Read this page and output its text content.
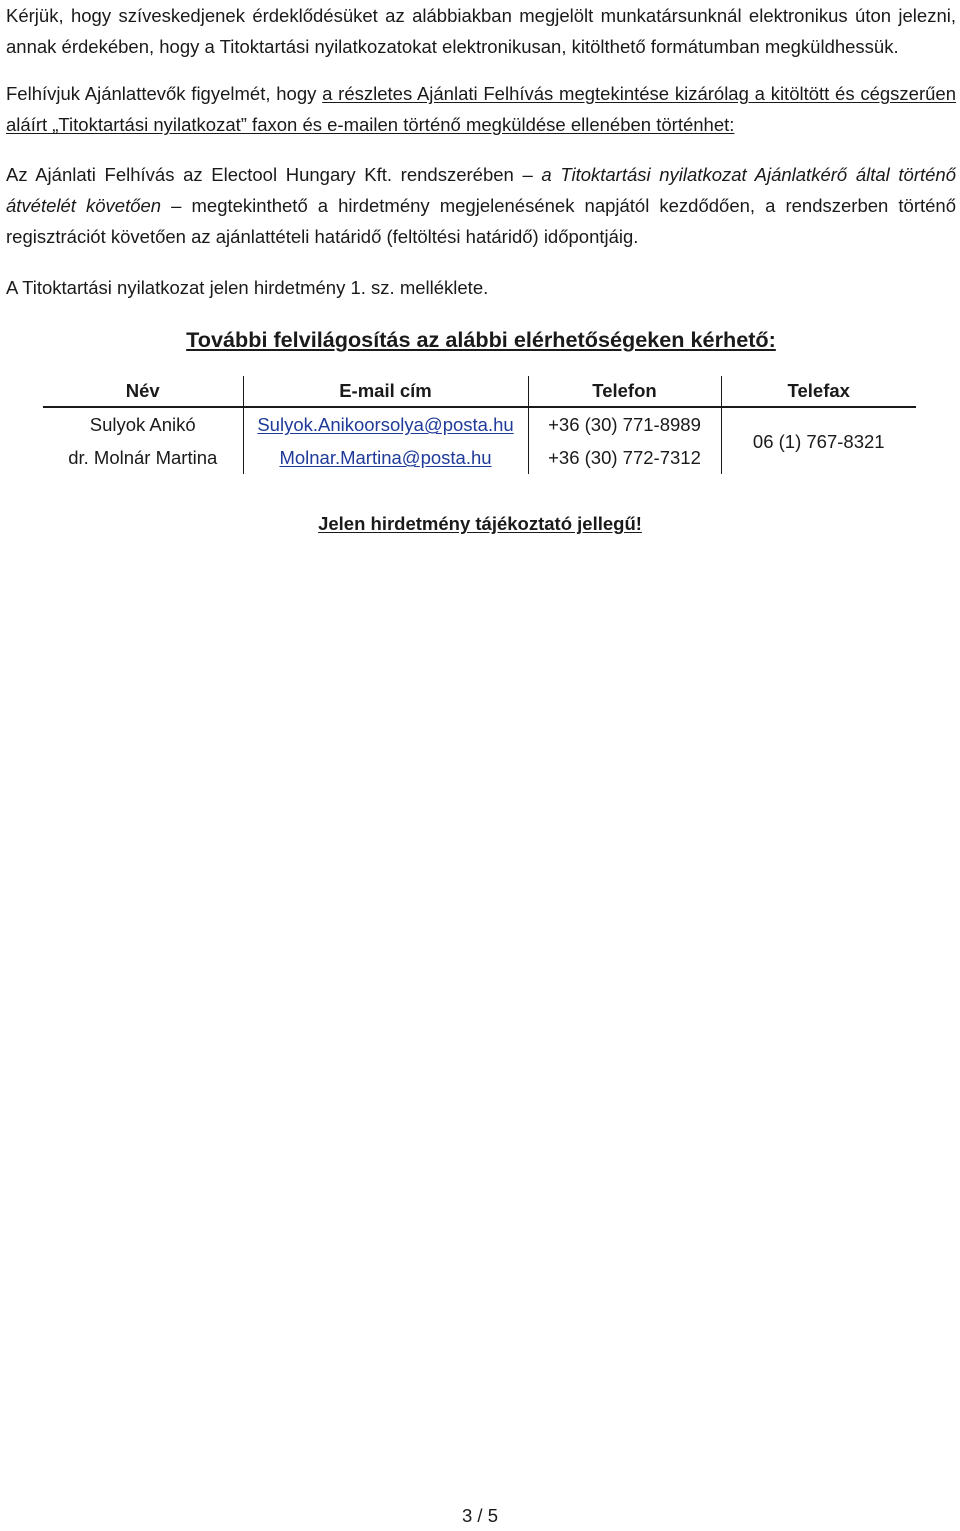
Kérjük, hogy szíveskedjenek érdeklődésüket az alábbiakban megjelölt munkatársunknál elektronikus úton jelezni, annak érdekében, hogy a Titoktartási nyilatkozatokat elektronikusan, kitölthető formátumban megküldhessük.

Felhívjuk Ajánlattevők figyelmét, hogy a részletes Ajánlati Felhívás megtekintése kizárólag a kitöltött és cégszerűen aláírt „Titoktartási nyilatkozat” faxon és e-mailen történő megküldése ellenében történhet:

Az Ajánlati Felhívás az Electool Hungary Kft. rendszerében – a Titoktartási nyilatkozat Ajánlatkérő által történő átvételét követően – megtekinthető a hirdetmény megjelenésének napjától kezdődően, a rendszerben történő regisztrációt követően az ajánlattételi határidő (feltöltési határidő) időpontjáig.

A Titoktartási nyilatkozat jelen hirdetmény 1. sz. melléklete.

További felvilágosítás az alábbi elérhetőségeken kérhető:
Név	E-mail cím	Telefon	Telefax
Sulyok Anikó	Sulyok.Anikoorsolya@posta.hu	+36 (30) 771-8989	06 (1) 767-8321
dr. Molnár Martina	Molnar.Martina@posta.hu	+36 (30) 772-7312	

Jelen hirdetmény tájékoztató jellegű!

3 / 5
